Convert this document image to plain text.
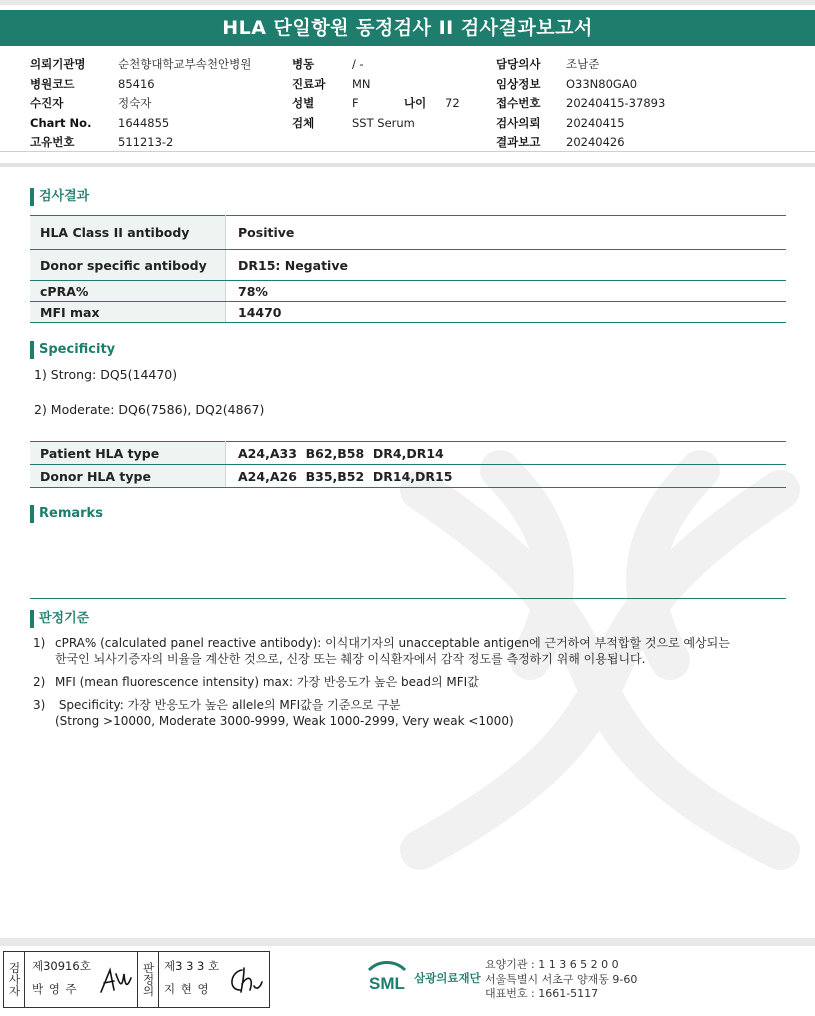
HLA 단일항원 동정검사 II 검사결과보고서
의뢰기관명	순천향대학교부속천안병원
병원코드	85416
수진자	정숙자
Chart No. 1644855
고유번호	511213-2
병동	/ -
진료과 MN
성별	F	나이 72
검체	SST Serum
담당의사 조남준
임상정보 O33N80GA0
접수번호 20240415-37893
검사의뢰 20240415
결과보고 20240426
검사결과
HLA Class II antibody	Positive
Donor specific antibody	DR15: Negative
cPRA%	78%
MFI max	14470
Specificity
1) Strong: DQ5(14470)
2) Moderate: DQ6(7586), DQ2(4867)
Patient HLA type	A24,A33  B62,B58  DR4,DR14
Donor HLA type	A24,A26  B35,B52  DR14,DR15
Remarks
판정기준
1) cPRA% (calculated panel reactive antibody): 이식대기자의 unacceptable antigen에 근거하여 부적합할 것으로 예상되는
한국인 뇌사기증자의 비율을 계산한 것으로, 신장 또는 췌장 이식환자에서 감작 정도를 측정하기 위해 이용됩니다.
2) MFI (mean fluorescence intensity) max: 가장 반응도가 높은 bead의 MFI값
3) Specificity: 가장 반응도가 높은 allele의 MFI값을 기준으로 구분
(Strong >10000, Moderate 3000-9999, Weak 1000-2999, Very weak <1000)
검사자 제30916호
박 영 주	판정의 제3 3 3 호
지 현 영	SML 삼광의료재단
요양기관 : 1 1 3 6 5 2 0 0
서울특별시 서초구 양재동 9-60
대표번호 : 1661-5117
